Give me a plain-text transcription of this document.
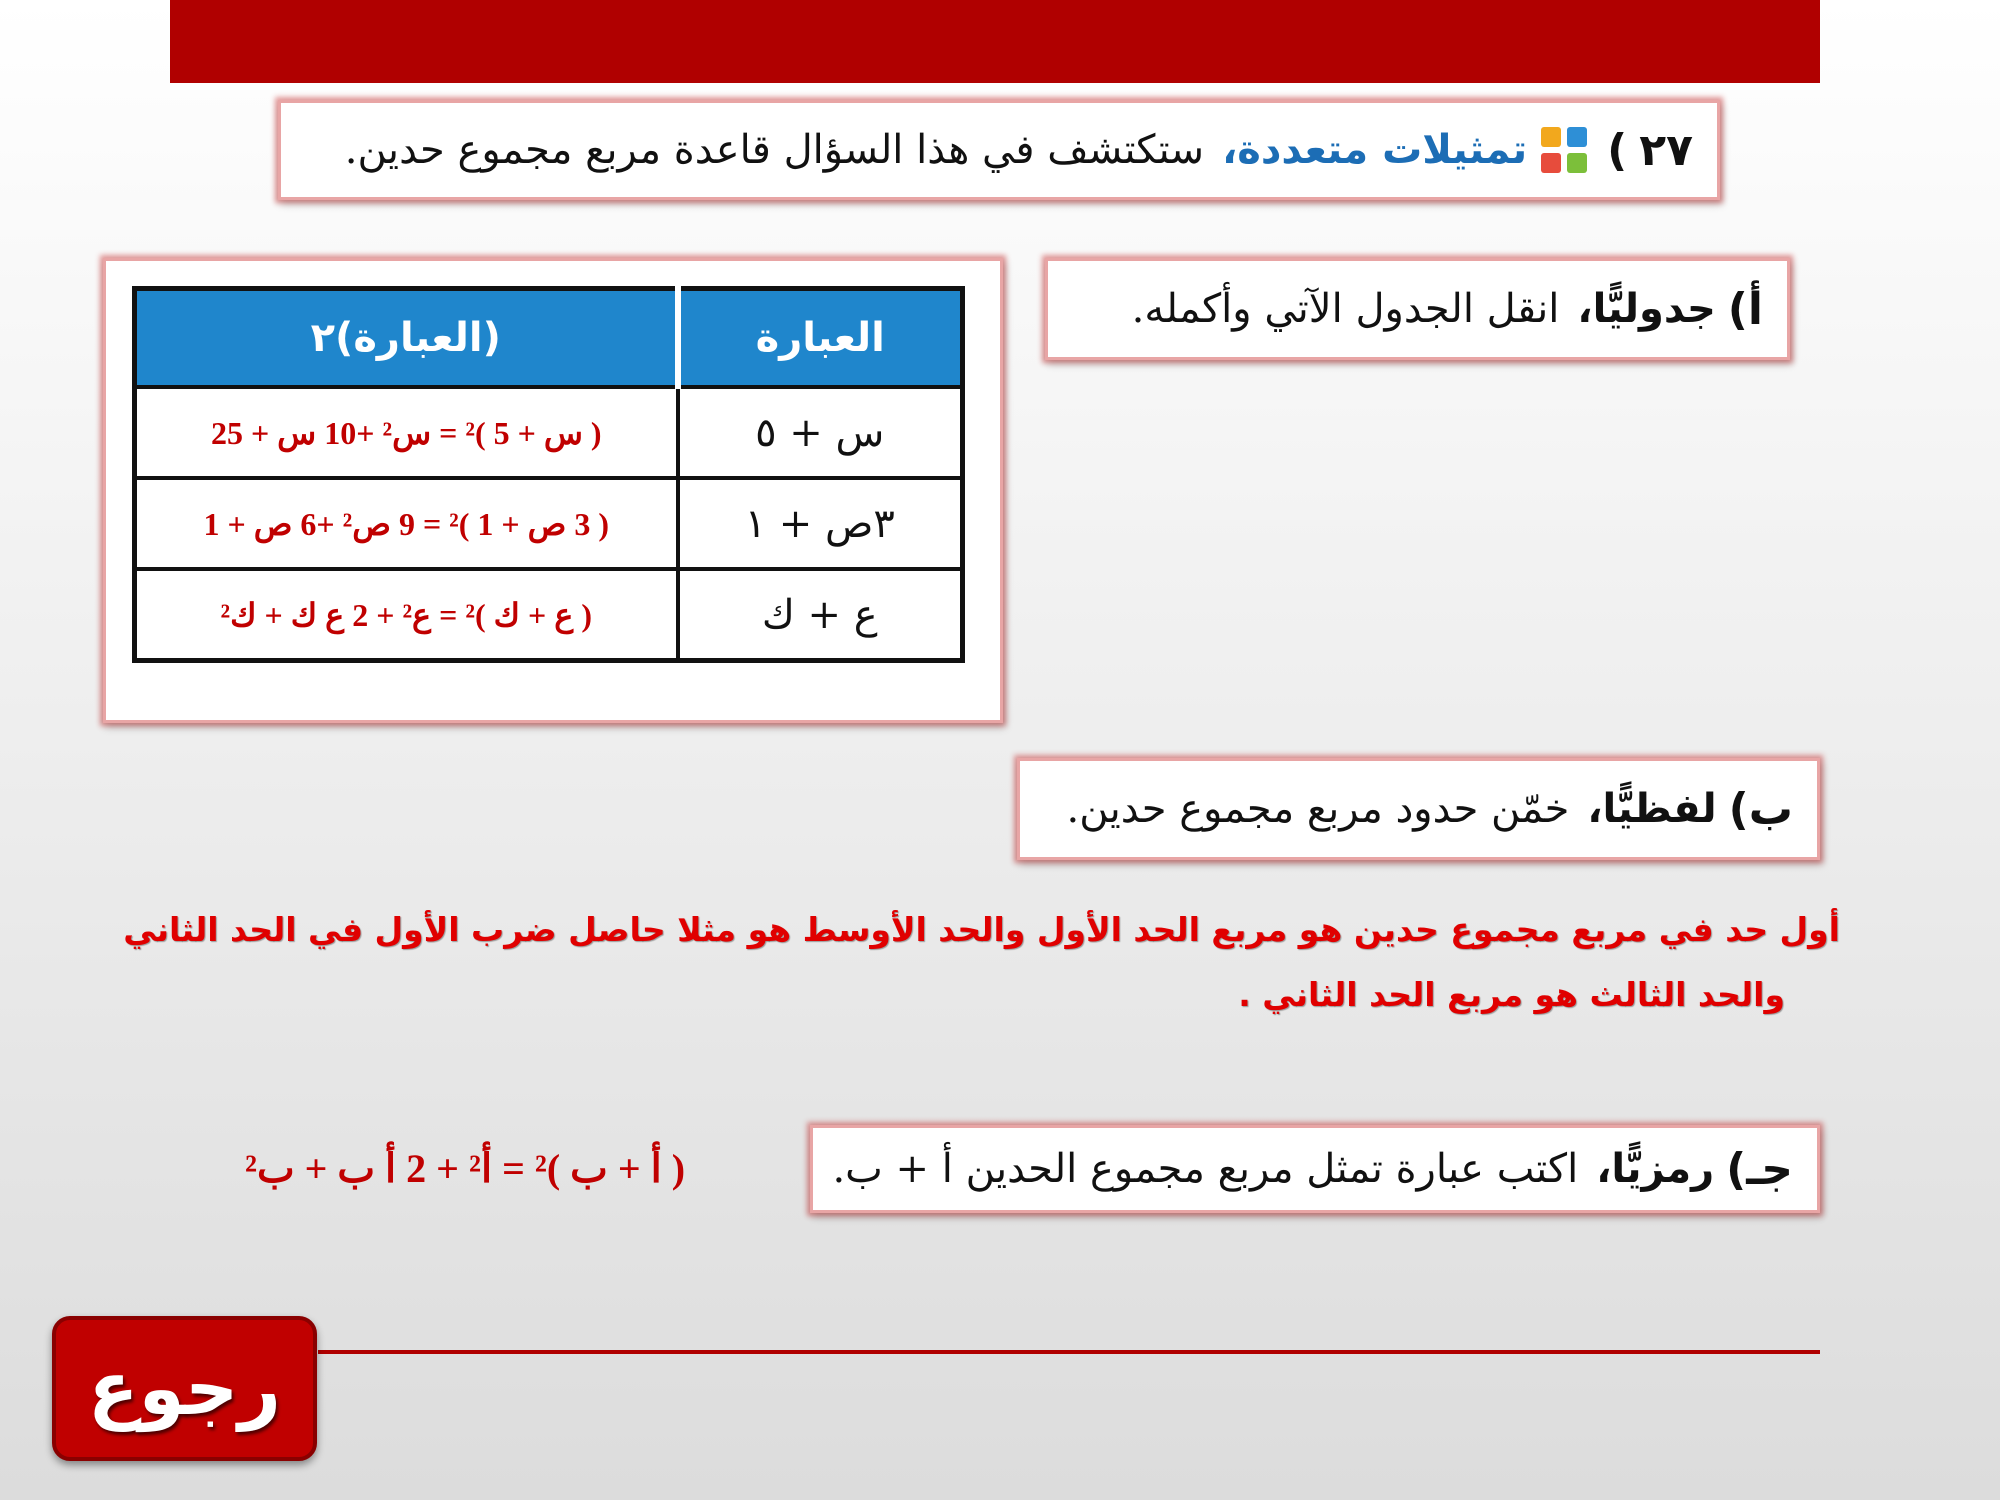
٢٧
)
تمثيلات متعددة،
ستكتشف في هذا السؤال قاعدة مربع مجموع حدين.
أ)
جدوليًّا،
انقل الجدول الآتي وأكمله.
العبارة	(العبارة)٢
س + ٥	( س + 5 )² = س² +10 س + 25
٣ص + ١	( 3 ص + 1 )² = 9 ص² +6 ص + 1
ع + ك	( ع + ك )² = ع² + 2 ع ك + ك²
ب)
لفظيًّا،
خمّن حدود مربع مجموع حدين.
أول حد في مربع مجموع حدين هو مربع الحد الأول والحد الأوسط هو مثلا حاصل ضرب الأول في الحد الثاني
والحد الثالث هو مربع الحد الثاني .
جـ)
رمزيًّا،
اكتب عبارة تمثل مربع مجموع الحدين أ + ب.
( أ + ب )² = أ² + 2 أ ب + ب²
رجوع
